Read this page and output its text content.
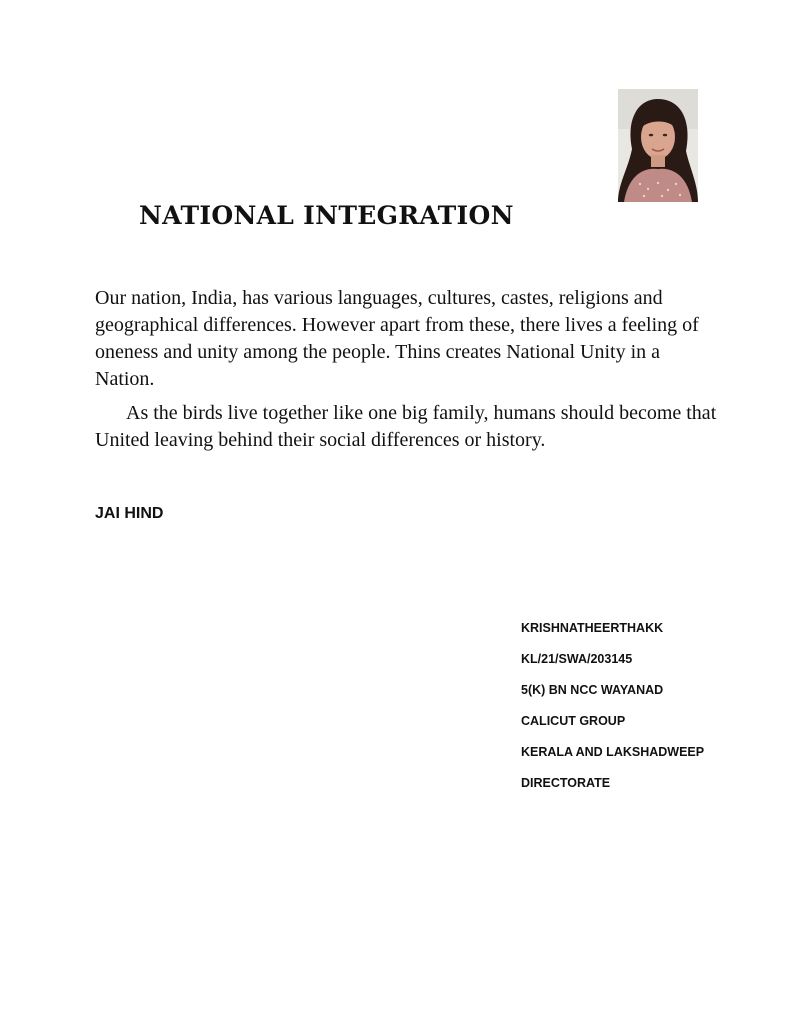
NATIONAL INTEGRATION

Our nation, India, has various languages, cultures, castes, religions and geographical differences. However apart from these, there lives a feeling of oneness and unity among the people. Thins creates National Unity in a Nation.

As the birds live together like one big family, humans should become that United leaving behind their social differences or history.

JAI HIND
KRISHNATHEERTHAKK
KL/21/SWA/203145
5(K) BN NCC WAYANAD
CALICUT GROUP
KERALA AND LAKSHADWEEP
DIRECTORATE
